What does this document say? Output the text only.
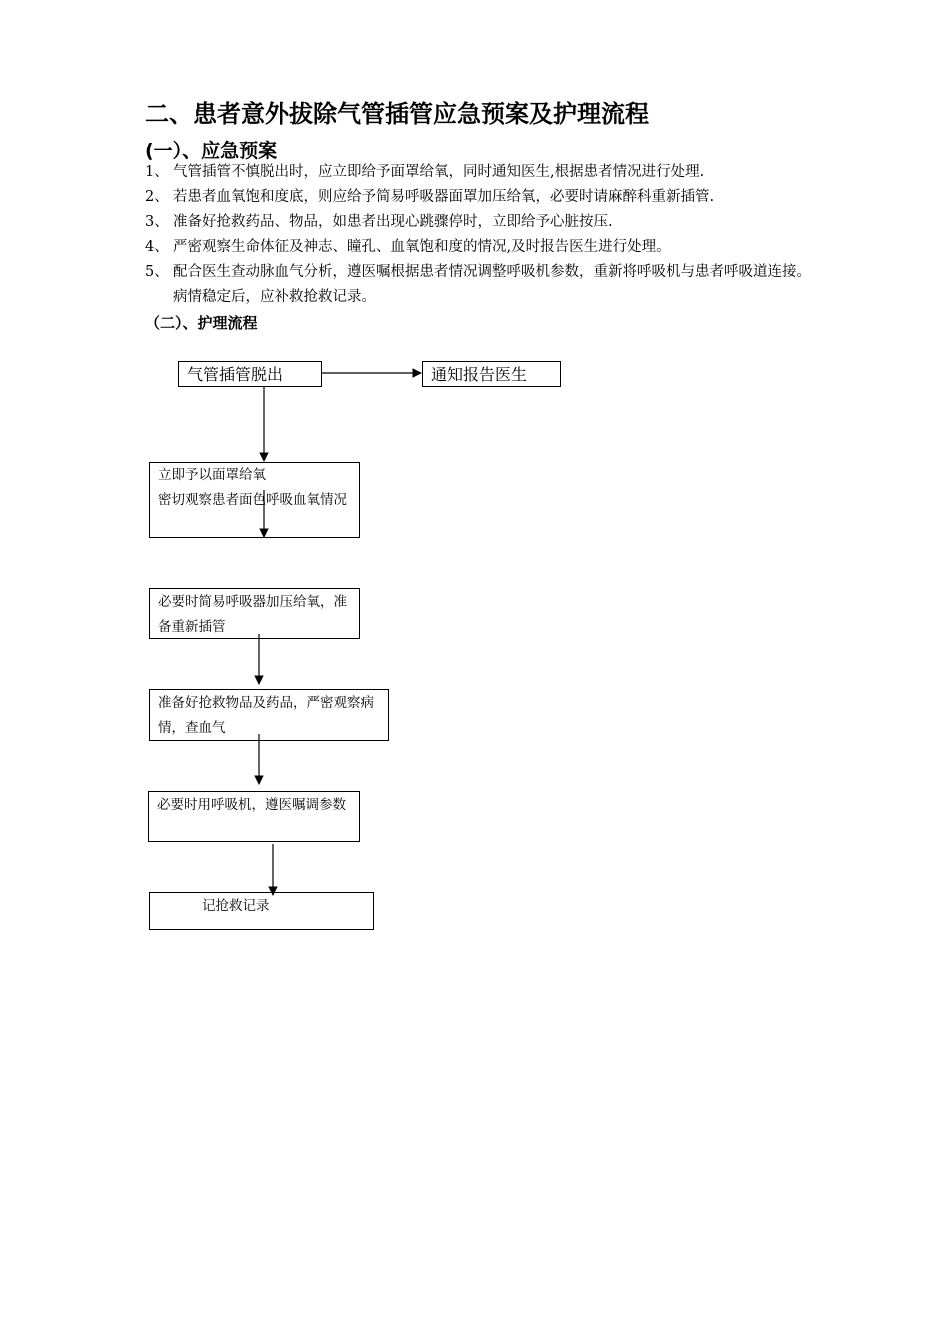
二、患者意外拔除气管插管应急预案及护理流程
(一）、应急预案
1、 气管插管不慎脱出时，应立即给予面罩给氧，同时通知医生,根据患者情况进行处理.
2、 若患者血氧饱和度底，则应给予简易呼吸器面罩加压给氧，必要时请麻醉科重新插管.
3、 准备好抢救药品、物品，如患者出现心跳骤停时，立即给予心脏按压.
4、 严密观察生命体征及神志、瞳孔、血氧饱和度的情况,及时报告医生进行处理。
5、 配合医生查动脉血气分析，遵医嘱根据患者情况调整呼吸机参数，重新将呼吸机与患者呼吸道连接。病情稳定后，应补救抢救记录。
（二）、护理流程
气管插管脱出	通知报告医生
立即予以面罩给氧
密切观察患者面色呼吸血氧情况
必要时简易呼吸器加压给氧，准备重新插管
准备好抢救物品及药品，严密观察病情，查血气
必要时用呼吸机，遵医嘱调参数
记抢救记录
